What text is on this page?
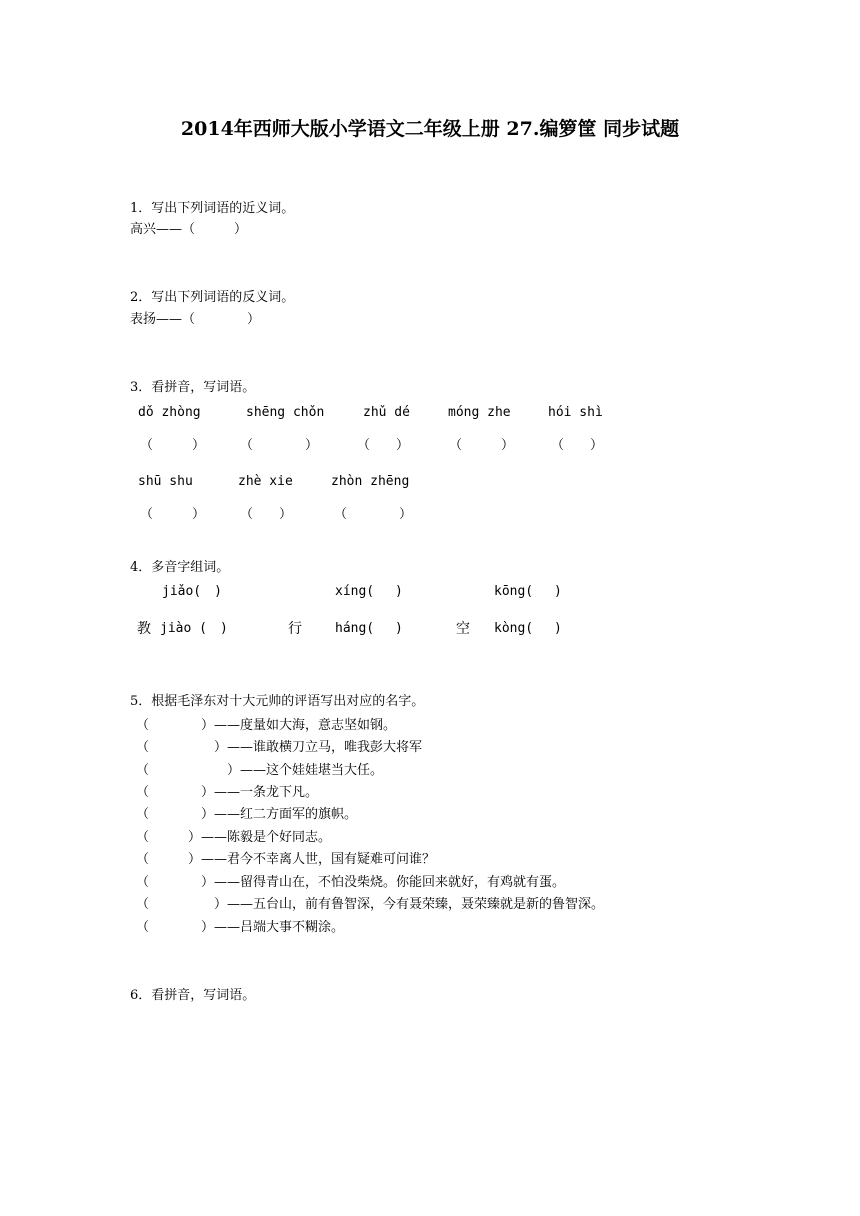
2014年西师大版小学语文二年级上册 27.编箩筐 同步试题
1．写出下列词语的近义词。
高兴——（　　　）
2．写出下列词语的反义词。
表扬——（　　　　）
3．看拼音，写词语。
dǒ zhòng	shēng chǒn	zhǔ dé	móng zhe	hói shì
（　　　）	（　　　　）	（　　）	（　　　）	（　　）
shū shu	zhè xie	zhòn zhēng
（　　　）	（　　）	（　　　　）
4．多音字组词。
jiǎo(　)	xíng(　 )	kōng(　 )
教 jiào (　)	行	háng(　 )	空 kòng(　 )
5．根据毛泽东对十大元帅的评语写出对应的名字。
（　　　　）——度量如大海，意志坚如钢。
（　　　　　）——谁敢横刀立马，唯我彭大将军
（　　　　　　）——这个娃娃堪当大任。
（　　　　）——一条龙下凡。
（　　　　）——红二方面军的旗帜。
（　　　）——陈毅是个好同志。
（　　　）——君今不幸离人世，国有疑难可问谁？
（　　　　）——留得青山在，不怕没柴烧。你能回来就好，有鸡就有蛋。
（　　　　　）——五台山，前有鲁智深，今有聂荣臻，聂荣臻就是新的鲁智深。
（　　　　）——吕端大事不糊涂。
6．看拼音，写词语。
